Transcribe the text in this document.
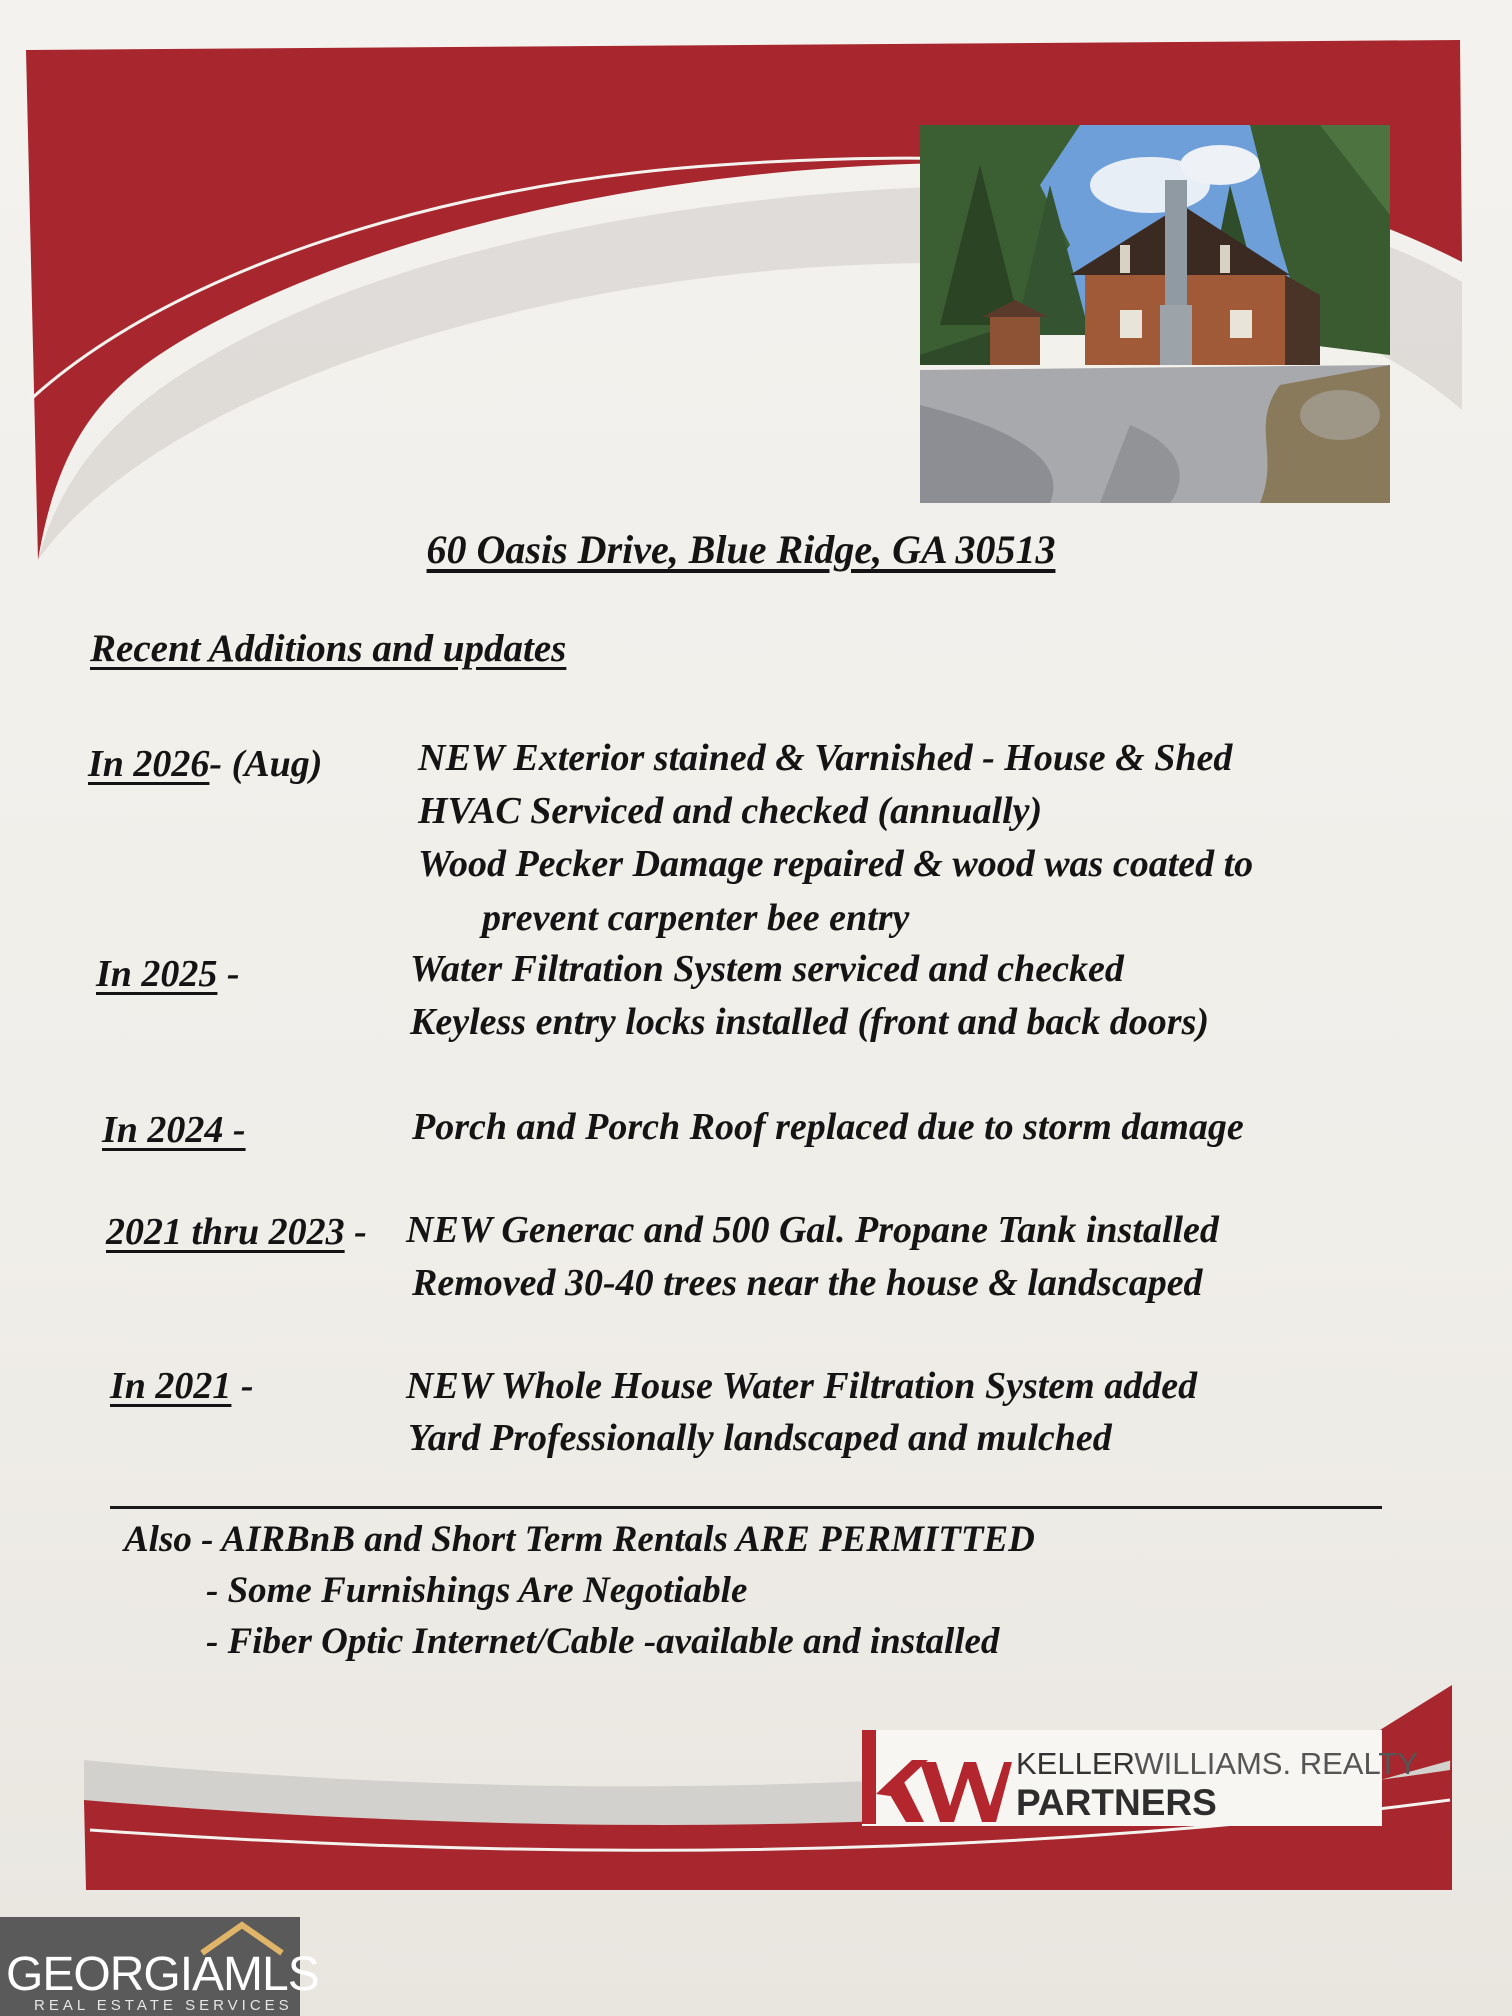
60 Oasis Drive, Blue Ridge, GA 30513
Recent Additions and updates
In 2026- (Aug)	NEW Exterior stained & Varnished - House & Shed
HVAC Serviced and checked (annually)
Wood Pecker Damage repaired & wood was coated to
prevent carpenter bee entry
In 2025 -	Water Filtration System serviced and checked
Keyless entry locks installed (front and back doors)
In 2024 -	Porch and Porch Roof replaced due to storm damage
2021 thru 2023 - NEW Generac and 500 Gal. Propane Tank installed
Removed 30-40 trees near the house & landscaped
In 2021 -	NEW Whole House Water Filtration System added
Yard Professionally landscaped and mulched
Also - AIRBnB and Short Term Rentals ARE PERMITTED
- Some Furnishings Are Negotiable
- Fiber Optic Internet/Cable -available and installed
KELLERWILLIAMS. REALTY
PARTNERS
GEORGIAMLS
REAL ESTATE SERVICES
